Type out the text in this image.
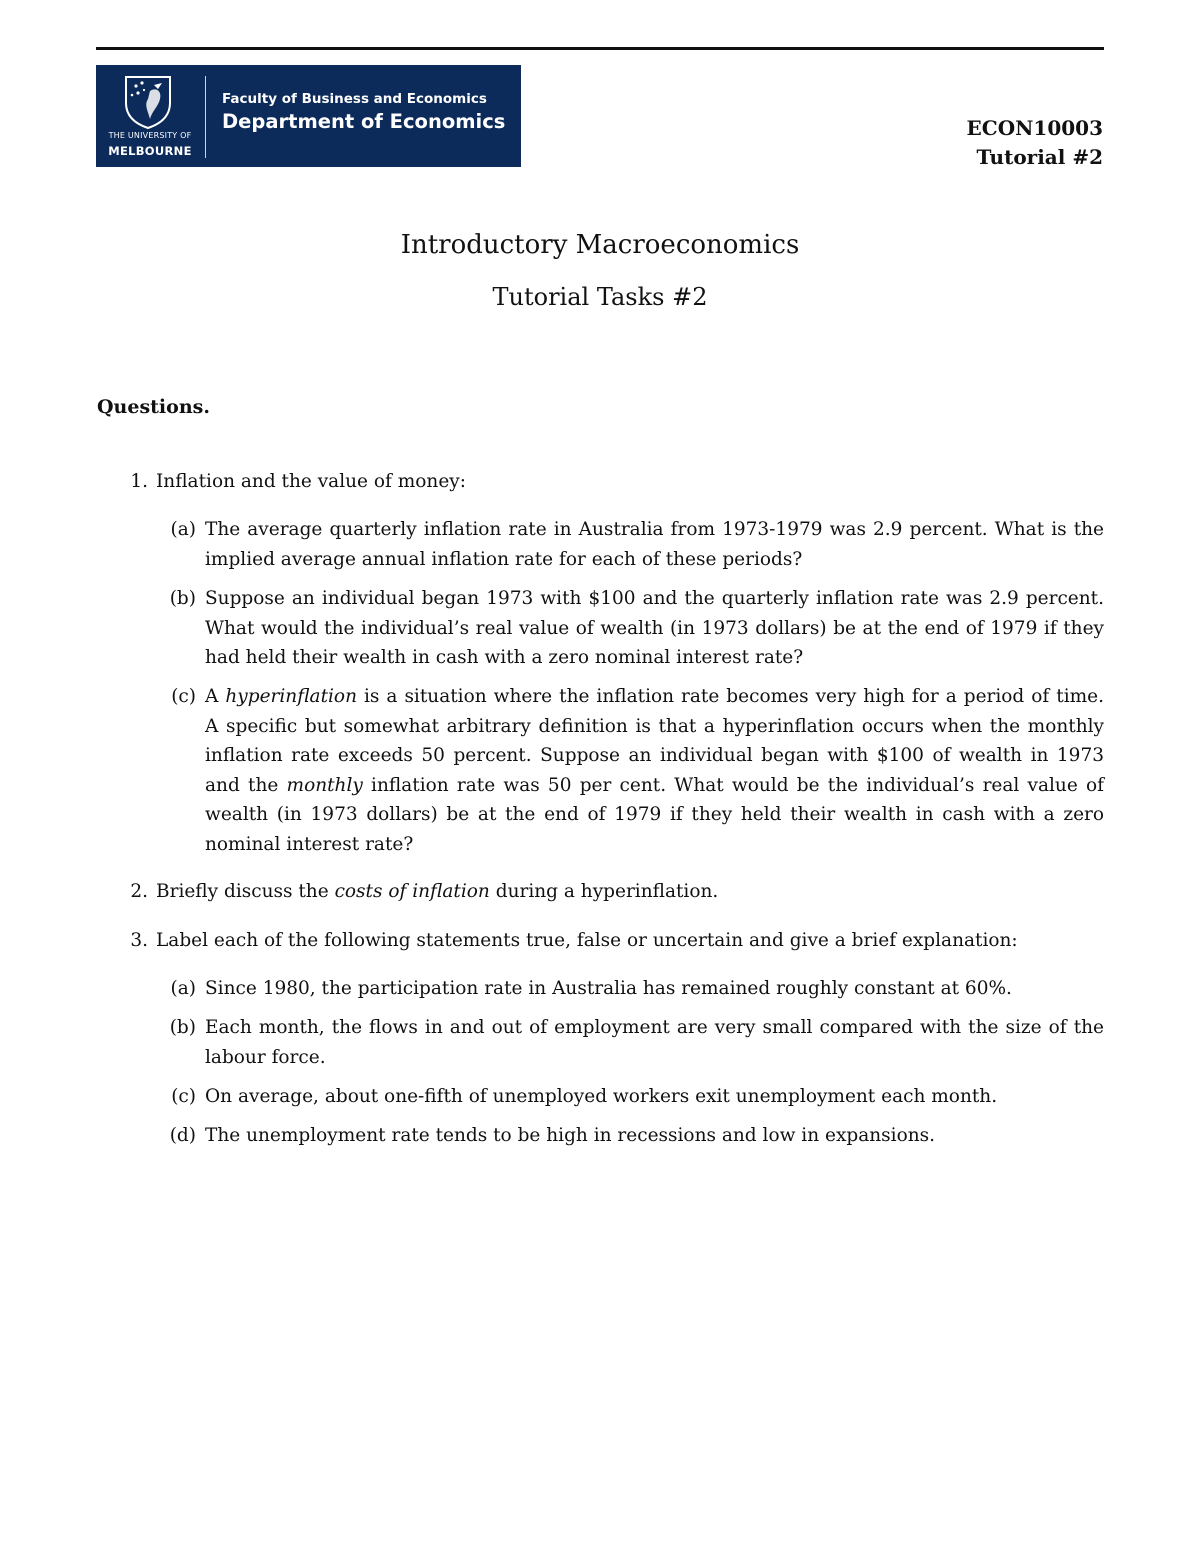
THE UNIVERSITY OF
MELBOURNE
Faculty of Business and Economics
Department of Economics	ECON10003
Tutorial #2
Introductory Macroeconomics
Tutorial Tasks #2
Questions.
1. Inflation and the value of money:
(a) The average quarterly inflation rate in Australia from 1973-1979 was 2.9 percent. What is the implied average annual inflation rate for each of these periods?
(b) Suppose an individual began 1973 with $100 and the quarterly inflation rate was 2.9 percent. What would the individual’s real value of wealth (in 1973 dollars) be at the end of 1979 if they had held their wealth in cash with a zero nominal interest rate?
(c) A hyperinflation is a situation where the inflation rate becomes very high for a period of time. A specific but somewhat arbitrary definition is that a hyperinflation occurs when the monthly inflation rate exceeds 50 percent. Suppose an individual began with $100 of wealth in 1973 and the monthly inflation rate was 50 per cent. What would be the individual’s real value of wealth (in 1973 dollars) be at the end of 1979 if they held their wealth in cash with a zero nominal interest rate?
2. Briefly discuss the costs of inflation during a hyperinflation.
3. Label each of the following statements true, false or uncertain and give a brief explanation:
(a) Since 1980, the participation rate in Australia has remained roughly constant at 60%.
(b) Each month, the flows in and out of employment are very small compared with the size of the labour force.
(c) On average, about one-fifth of unemployed workers exit unemployment each month.
(d) The unemployment rate tends to be high in recessions and low in expansions.
